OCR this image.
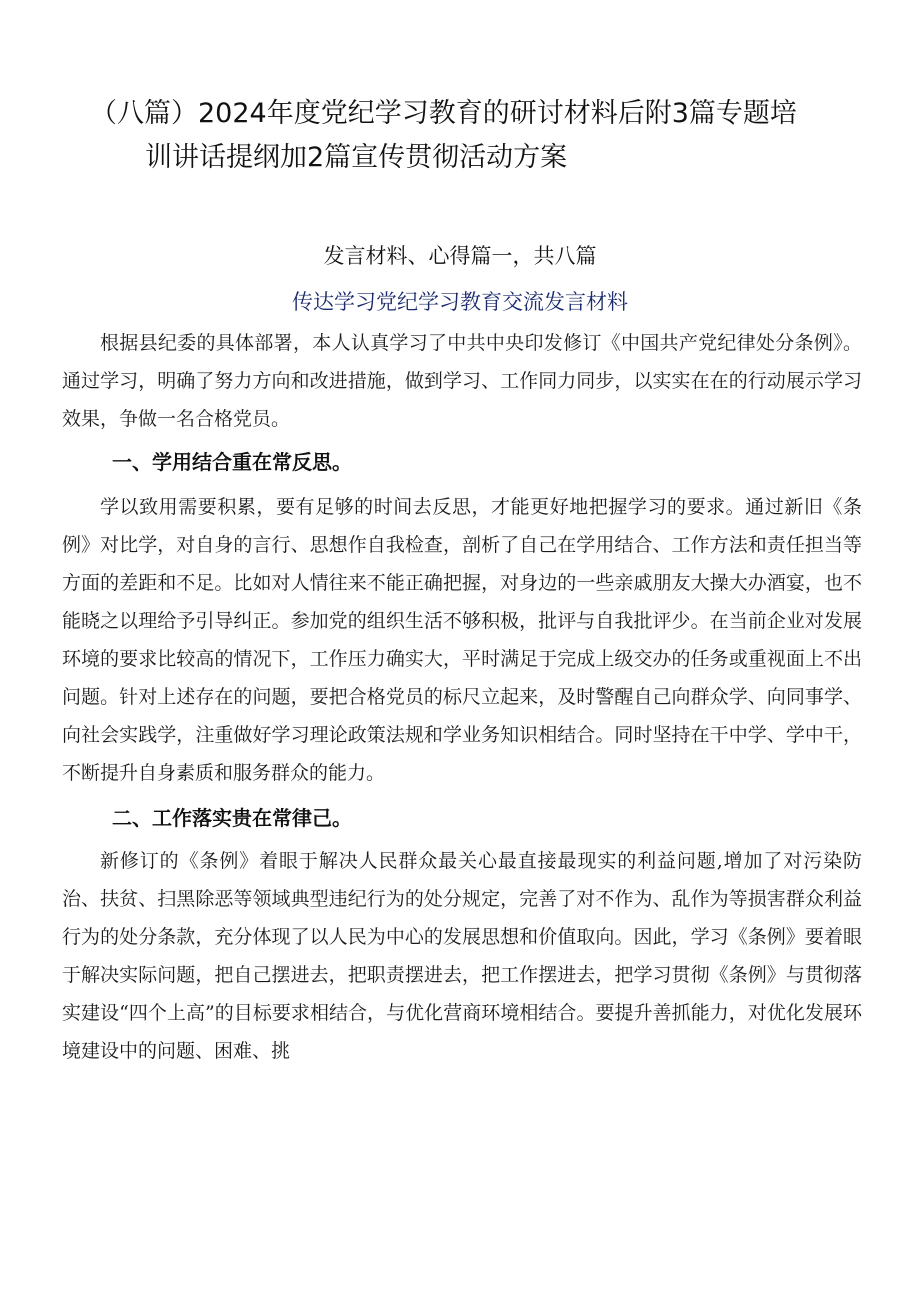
（八篇）2024年度党纪学习教育的研讨材料后附3篇专题培
训讲话提纲加2篇宣传贯彻活动方案
发言材料、心得篇一，共八篇
传达学习党纪学习教育交流发言材料

根据县纪委的具体部署，本人认真学习了中共中央印发修订《中国共产党纪律处分条例》。通过学习，明确了努力方向和改进措施，做到学习、工作同力同步，以实实在在的行动展示学习效果，争做一名合格党员。

一、学用结合重在常反思。

学以致用需要积累，要有足够的时间去反思，才能更好地把握学习的要求。通过新旧《条例》对比学，对自身的言行、思想作自我检查，剖析了自己在学用结合、工作方法和责任担当等方面的差距和不足。比如对人情往来不能正确把握，对身边的一些亲戚朋友大操大办酒宴，也不能晓之以理给予引导纠正。参加党的组织生活不够积极，批评与自我批评少。在当前企业对发展环境的要求比较高的情况下，工作压力确实大，平时满足于完成上级交办的任务或重视面上不出问题。针对上述存在的问题，要把合格党员的标尺立起来，及时警醒自己向群众学、向同事学、向社会实践学，注重做好学习理论政策法规和学业务知识相结合。同时坚持在干中学、学中干，不断提升自身素质和服务群众的能力。

二、工作落实贵在常律己。

新修订的《条例》着眼于解决人民群众最关心最直接最现实的利益问题,增加了对污染防治、扶贫、扫黑除恶等领域典型违纪行为的处分规定，完善了对不作为、乱作为等损害群众利益行为的处分条款，充分体现了以人民为中心的发展思想和价值取向。因此，学习《条例》要着眼于解决实际问题，把自己摆进去，把职责摆进去，把工作摆进去，把学习贯彻《条例》与贯彻落实建设“四个上高”的目标要求相结合，与优化营商环境相结合。要提升善抓能力，对优化发展环境建设中的问题、困难、挑
